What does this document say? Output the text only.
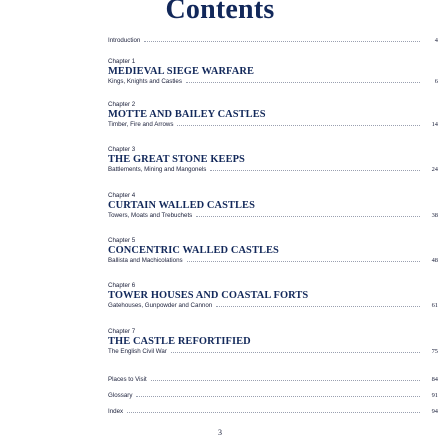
Contents
Introduction	4
Chapter 1
MEDIEVAL SIEGE WARFARE
Kings, Knights and Castles	6
Chapter 2
MOTTE AND BAILEY CASTLES
Timber, Fire and Arrows	14
Chapter 3
THE GREAT STONE KEEPS
Battlements, Mining and Mangonels	24
Chapter 4
CURTAIN WALLED CASTLES
Towers, Moats and Trebuchets	38
Chapter 5
CONCENTRIC WALLED CASTLES
Ballista and Machicolations	48
Chapter 6
TOWER HOUSES AND COASTAL FORTS
Gatehouses, Gunpowder and Cannon	61
Chapter 7
THE CASTLE REFORTIFIED
The English Civil War	75
Places to Visit	84
Glossary	91
Index	94
3
